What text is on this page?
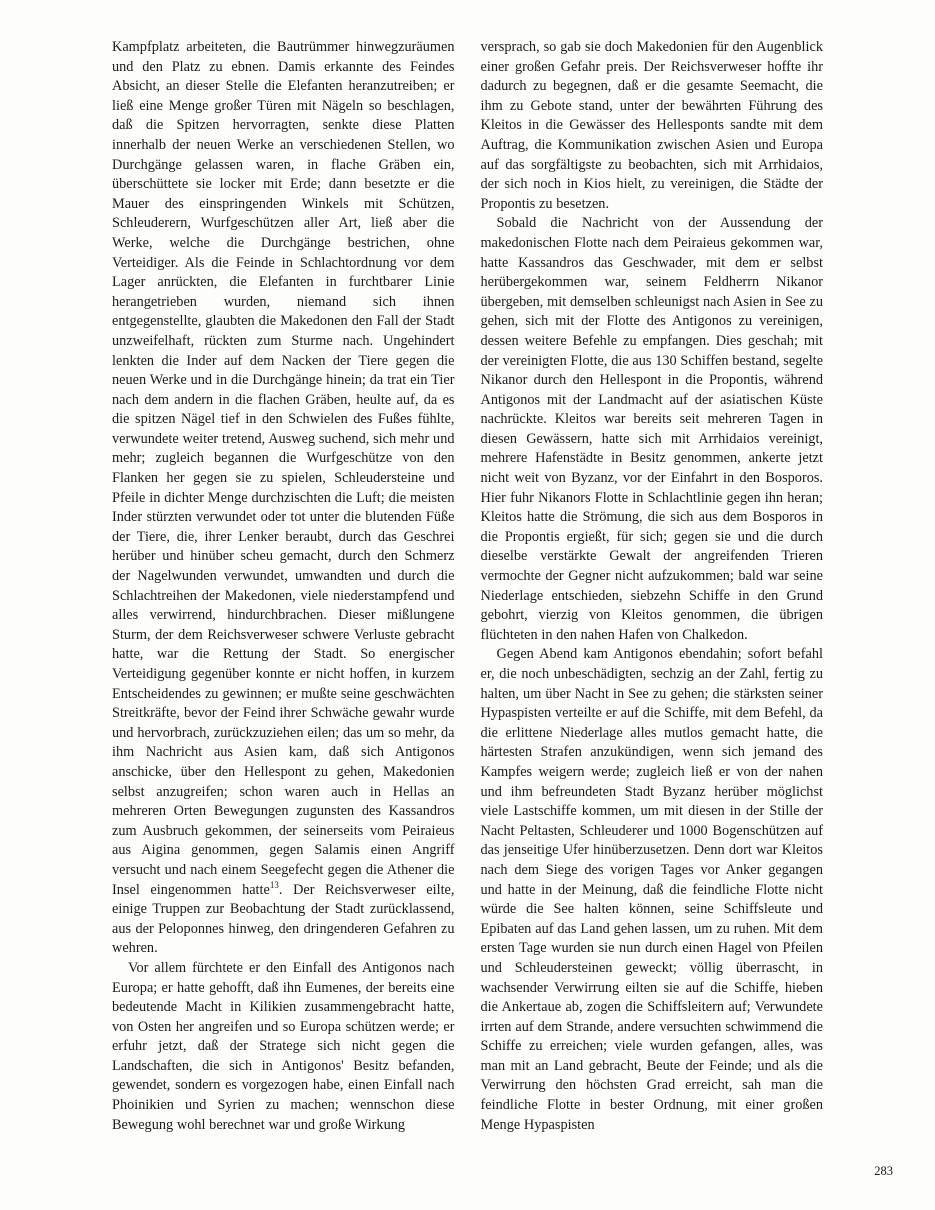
Kampfplatz arbeiteten, die Bautrümmer hinwegzuräumen und den Platz zu ebnen. Damis erkannte des Feindes Absicht, an dieser Stelle die Elefanten heranzutreiben; er ließ eine Menge großer Türen mit Nägeln so beschlagen, daß die Spitzen hervorragten, senkte diese Platten innerhalb der neuen Werke an verschiedenen Stellen, wo Durchgänge gelassen waren, in flache Gräben ein, überschüttete sie locker mit Erde; dann besetzte er die Mauer des einspringenden Winkels mit Schützen, Schleuderern, Wurfgeschützen aller Art, ließ aber die Werke, welche die Durchgänge bestrichen, ohne Verteidiger. Als die Feinde in Schlachtordnung vor dem Lager anrückten, die Elefanten in furchtbarer Linie herangetrieben wurden, niemand sich ihnen entgegenstellte, glaubten die Makedonen den Fall der Stadt unzweifelhaft, rückten zum Sturme nach. Ungehindert lenkten die Inder auf dem Nacken der Tiere gegen die neuen Werke und in die Durchgänge hinein; da trat ein Tier nach dem andern in die flachen Gräben, heulte auf, da es die spitzen Nägel tief in den Schwielen des Fußes fühlte, verwundete weiter tretend, Ausweg suchend, sich mehr und mehr; zugleich begannen die Wurfgeschütze von den Flanken her gegen sie zu spielen, Schleudersteine und Pfeile in dichter Menge durchzischten die Luft; die meisten Inder stürzten verwundet oder tot unter die blutenden Füße der Tiere, die, ihrer Lenker beraubt, durch das Geschrei herüber und hinüber scheu gemacht, durch den Schmerz der Nagelwunden verwundet, umwandten und durch die Schlachtreihen der Makedonen, viele niederstampfend und alles verwirrend, hindurchbrachen. Dieser mißlungene Sturm, der dem Reichsverweser schwere Verluste gebracht hatte, war die Rettung der Stadt. So energischer Verteidigung gegenüber konnte er nicht hoffen, in kurzem Entscheidendes zu gewinnen; er mußte seine geschwächten Streitkräfte, bevor der Feind ihrer Schwäche gewahr wurde und hervorbrach, zurückzuziehen eilen; das um so mehr, da ihm Nachricht aus Asien kam, daß sich Antigonos anschicke, über den Hellespont zu gehen, Makedonien selbst anzugreifen; schon waren auch in Hellas an mehreren Orten Bewegungen zugunsten des Kassandros zum Ausbruch gekommen, der seinerseits vom Peiraieus aus Aigina genommen, gegen Salamis einen Angriff versucht und nach einem Seegefecht gegen die Athener die Insel eingenommen hatte$^{13}$. Der Reichsverweser eilte, einige Truppen zur Beobachtung der Stadt zurücklassend, aus der Peloponnes hinweg, den dringenderen Gefahren zu wehren.

Vor allem fürchtete er den Einfall des Antigonos nach Europa; er hatte gehofft, daß ihn Eumenes, der bereits eine bedeutende Macht in Kilikien zusammengebracht hatte, von Osten her angreifen und so Europa schützen werde; er erfuhr jetzt, daß der Stratege sich nicht gegen die Landschaften, die sich in Antigonos' Besitz befanden, gewendet, sondern es vorgezogen habe, einen Einfall nach Phoinikien und Syrien zu machen; wennschon diese Bewegung wohl berechnet war und große Wirkung

versprach, so gab sie doch Makedonien für den Augenblick einer großen Gefahr preis. Der Reichsverweser hoffte ihr dadurch zu begegnen, daß er die gesamte Seemacht, die ihm zu Gebote stand, unter der bewährten Führung des Kleitos in die Gewässer des Hellesponts sandte mit dem Auftrag, die Kommunikation zwischen Asien und Europa auf das sorgfältigste zu beobachten, sich mit Arrhidaios, der sich noch in Kios hielt, zu vereinigen, die Städte der Propontis zu besetzen.

Sobald die Nachricht von der Aussendung der makedonischen Flotte nach dem Peiraieus gekommen war, hatte Kassandros das Geschwader, mit dem er selbst herübergekommen war, seinem Feldherrn Nikanor übergeben, mit demselben schleunigst nach Asien in See zu gehen, sich mit der Flotte des Antigonos zu vereinigen, dessen weitere Befehle zu empfangen. Dies geschah; mit der vereinigten Flotte, die aus 130 Schiffen bestand, segelte Nikanor durch den Hellespont in die Propontis, während Antigonos mit der Landmacht auf der asiatischen Küste nachrückte. Kleitos war bereits seit mehreren Tagen in diesen Gewässern, hatte sich mit Arrhidaios vereinigt, mehrere Hafenstädte in Besitz genommen, ankerte jetzt nicht weit von Byzanz, vor der Einfahrt in den Bosporos. Hier fuhr Nikanors Flotte in Schlachtlinie gegen ihn heran; Kleitos hatte die Strömung, die sich aus dem Bosporos in die Propontis ergießt, für sich; gegen sie und die durch dieselbe verstärkte Gewalt der angreifenden Trieren vermochte der Gegner nicht aufzukommen; bald war seine Niederlage entschieden, siebzehn Schiffe in den Grund gebohrt, vierzig von Kleitos genommen, die übrigen flüchteten in den nahen Hafen von Chalkedon.

Gegen Abend kam Antigonos ebendahin; sofort befahl er, die noch unbeschädigten, sechzig an der Zahl, fertig zu halten, um über Nacht in See zu gehen; die stärksten seiner Hypaspisten verteilte er auf die Schiffe, mit dem Befehl, da die erlittene Niederlage alles mutlos gemacht hatte, die härtesten Strafen anzukündigen, wenn sich jemand des Kampfes weigern werde; zugleich ließ er von der nahen und ihm befreundeten Stadt Byzanz herüber möglichst viele Lastschiffe kommen, um mit diesen in der Stille der Nacht Peltasten, Schleuderer und 1000 Bogenschützen auf das jenseitige Ufer hinüberzusetzen. Denn dort war Kleitos nach dem Siege des vorigen Tages vor Anker gegangen und hatte in der Meinung, daß die feindliche Flotte nicht würde die See halten können, seine Schiffsleute und Epibaten auf das Land gehen lassen, um zu ruhen. Mit dem ersten Tage wurden sie nun durch einen Hagel von Pfeilen und Schleudersteinen geweckt; völlig überrascht, in wachsender Verwirrung eilten sie auf die Schiffe, hieben die Ankertaue ab, zogen die Schiffsleitern auf; Verwundete irrten auf dem Strande, andere versuchten schwimmend die Schiffe zu erreichen; viele wurden gefangen, alles, was man mit an Land gebracht, Beute der Feinde; und als die Verwirrung den höchsten Grad erreicht, sah man die feindliche Flotte in bester Ordnung, mit einer großen Menge Hypaspisten

283
